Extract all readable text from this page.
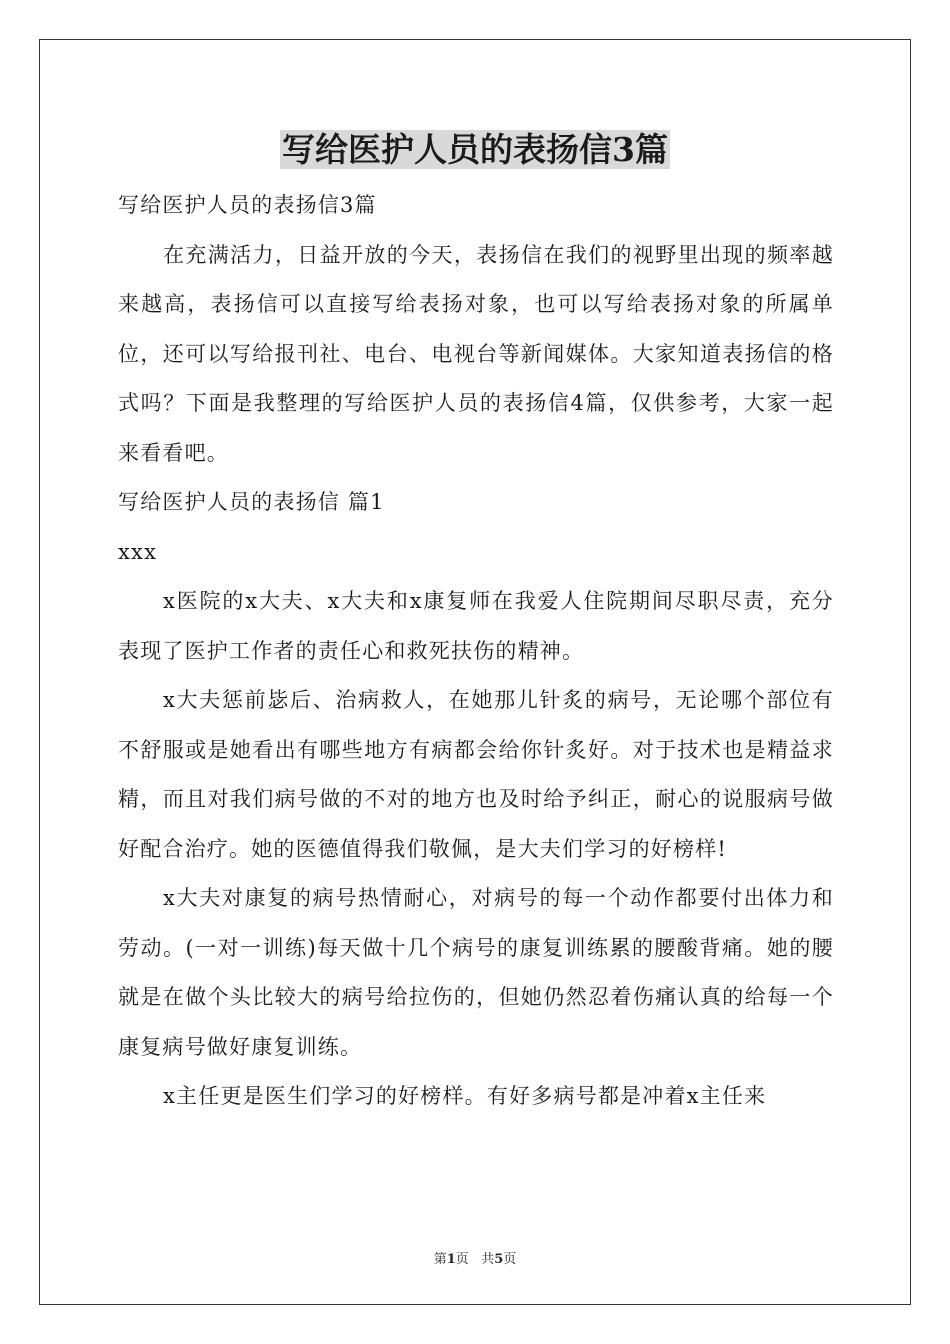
写给医护人员的表扬信3篇

写给医护人员的表扬信3篇

在充满活力，日益开放的今天，表扬信在我们的视野里出现的频率越来越高，表扬信可以直接写给表扬对象，也可以写给表扬对象的所属单位，还可以写给报刊社、电台、电视台等新闻媒体。大家知道表扬信的格式吗？下面是我整理的写给医护人员的表扬信4篇，仅供参考，大家一起来看看吧。

写给医护人员的表扬信 篇1

xxx

x医院的x大夫、x大夫和x康复师在我爱人住院期间尽职尽责，充分表现了医护工作者的责任心和救死扶伤的精神。

x大夫惩前毖后、治病救人，在她那儿针炙的病号，无论哪个部位有不舒服或是她看出有哪些地方有病都会给你针炙好。对于技术也是精益求精，而且对我们病号做的不对的地方也及时给予纠正，耐心的说服病号做好配合治疗。她的医德值得我们敬佩，是大夫们学习的好榜样!

x大夫对康复的病号热情耐心，对病号的每一个动作都要付出体力和劳动。(一对一训练)每天做十几个病号的康复训练累的腰酸背痛。她的腰就是在做个头比较大的病号给拉伤的，但她仍然忍着伤痛认真的给每一个康复病号做好康复训练。

x主任更是医生们学习的好榜样。有好多病号都是冲着x主任来

第1页 共5页
